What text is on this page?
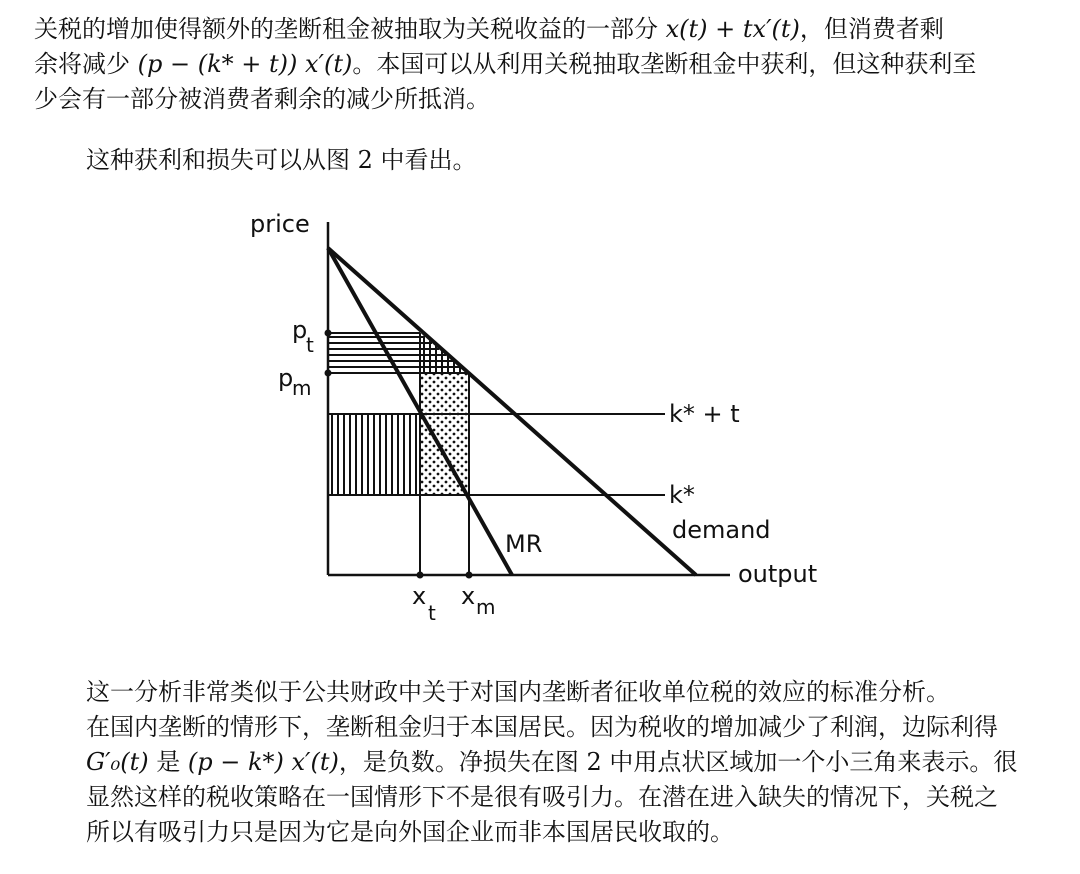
关税的增加使得额外的垄断租金被抽取为关税收益的一部分 x(t) + tx′(t)，但消费者剩
余将减少 (p − (k* + t)) x′(t)。本国可以从利用关税抽取垄断租金中获利，但这种获利至
少会有一部分被消费者剩余的减少所抵消。
这种获利和损失可以从图 2 中看出。
price
output
p
t
p
m
x
t
x m
k* + t
k*
demand
MR
这一分析非常类似于公共财政中关于对国内垄断者征收单位税的效应的标准分析。
在国内垄断的情形下，垄断租金归于本国居民。因为税收的增加减少了利润，边际利得
G′₀(t) 是 (p − k*) x′(t)，是负数。净损失在图 2 中用点状区域加一个小三角来表示。很
显然这样的税收策略在一国情形下不是很有吸引力。在潜在进入缺失的情况下，关税之
所以有吸引力只是因为它是向外国企业而非本国居民收取的。
